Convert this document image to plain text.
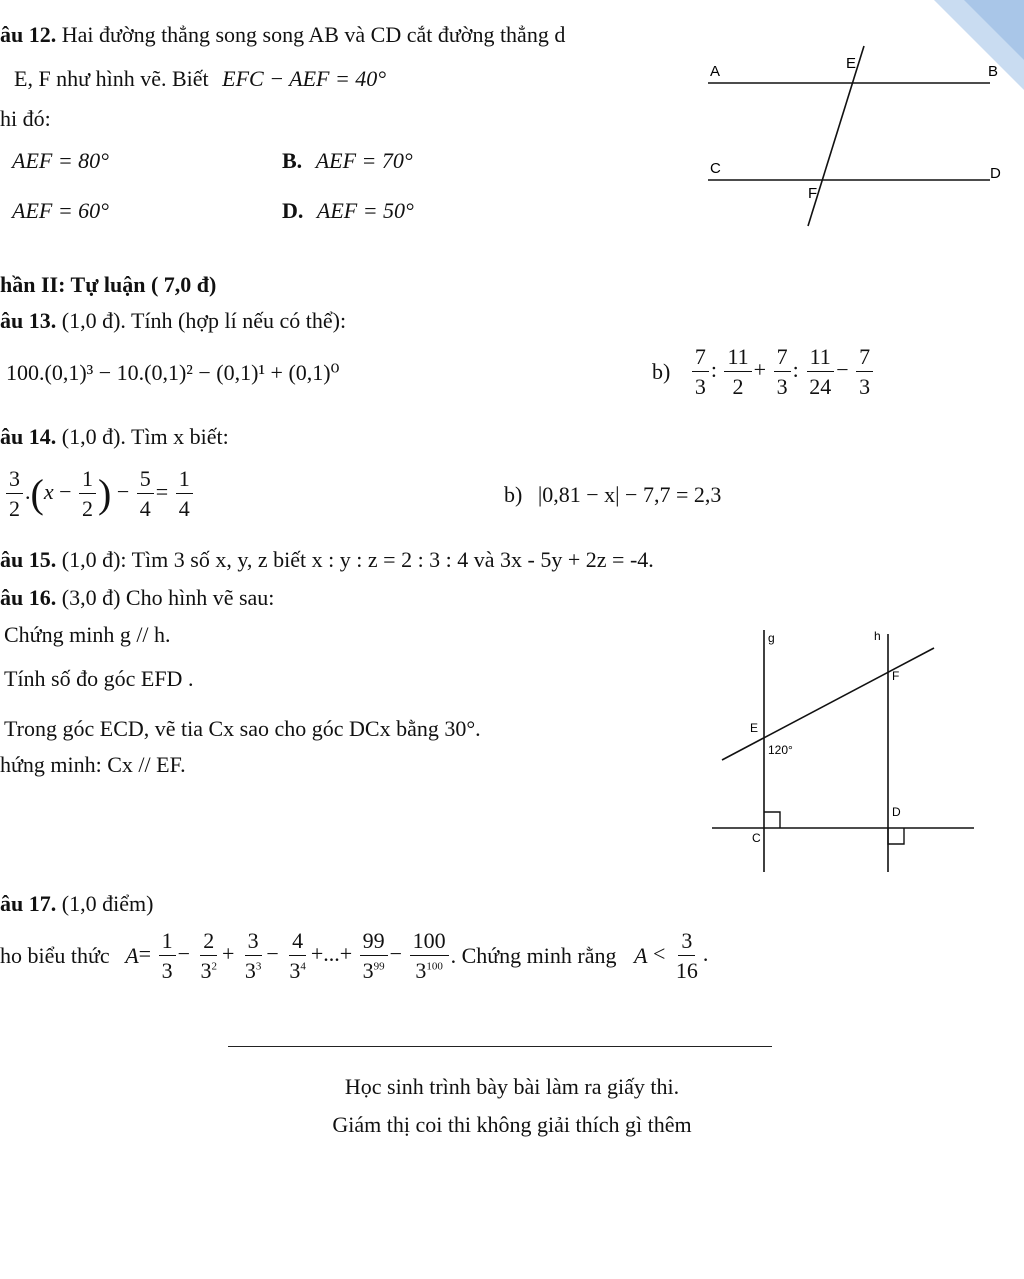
âu 12. Hai đường thẳng song song AB và CD cắt đường thẳng d
E, F như hình vẽ. Biết EFC − AEF = 40°
hi đó:
AEF = 80°	B. AEF = 70°
AEF = 60°	D. AEF = 50°
A	B
C	D
E
F
hần II: Tự luận ( 7,0 đ)
âu 13. (1,0 đ). Tính (hợp lí nếu có thể):
100.(0,1)³ − 10.(0,1)² − (0,1)¹ + (0,1)⁰	$b) \frac{7}{3}$ : $\frac{11}{2} + \frac{7}{3}$ : $\frac{11}{24} - \frac{7}{3}$
âu 14. (1,0 đ). Tìm x biết:
$\frac{3}{2} .(x - \frac{1}{2}$ ) − $\frac{5}{4} = \frac{1}{4}$	b) |0,81 − x| − 7,7 = 2,3
âu 15. (1,0 đ): Tìm 3 số x, y, z biết x : y : z = 2 : 3 : 4 và 3x - 5y + 2z = -4.
âu 16. (3,0 đ) Cho hình vẽ sau:
Chứng minh g // h.
Tính số đo góc EFD .
Trong góc ECD, vẽ tia Cx sao cho góc DCx bằng 30°.
hứng minh: Cx // EF.
g	h
F
E
120°
D
C
âu 17. (1,0 điểm)
ho biểu thức $A= \frac{1}{3} - \frac{2}{3^2} + \frac{3}{3^3} - \frac{4}{3^4}$ +...+ $\frac{99}{3^{99}} - \frac{100}{3^{100}}$ . Chứng minh rằng $A < \frac{3}{16}$ .
Học sinh trình bày bài làm ra giấy thi.
Giám thị coi thi không giải thích gì thêm
